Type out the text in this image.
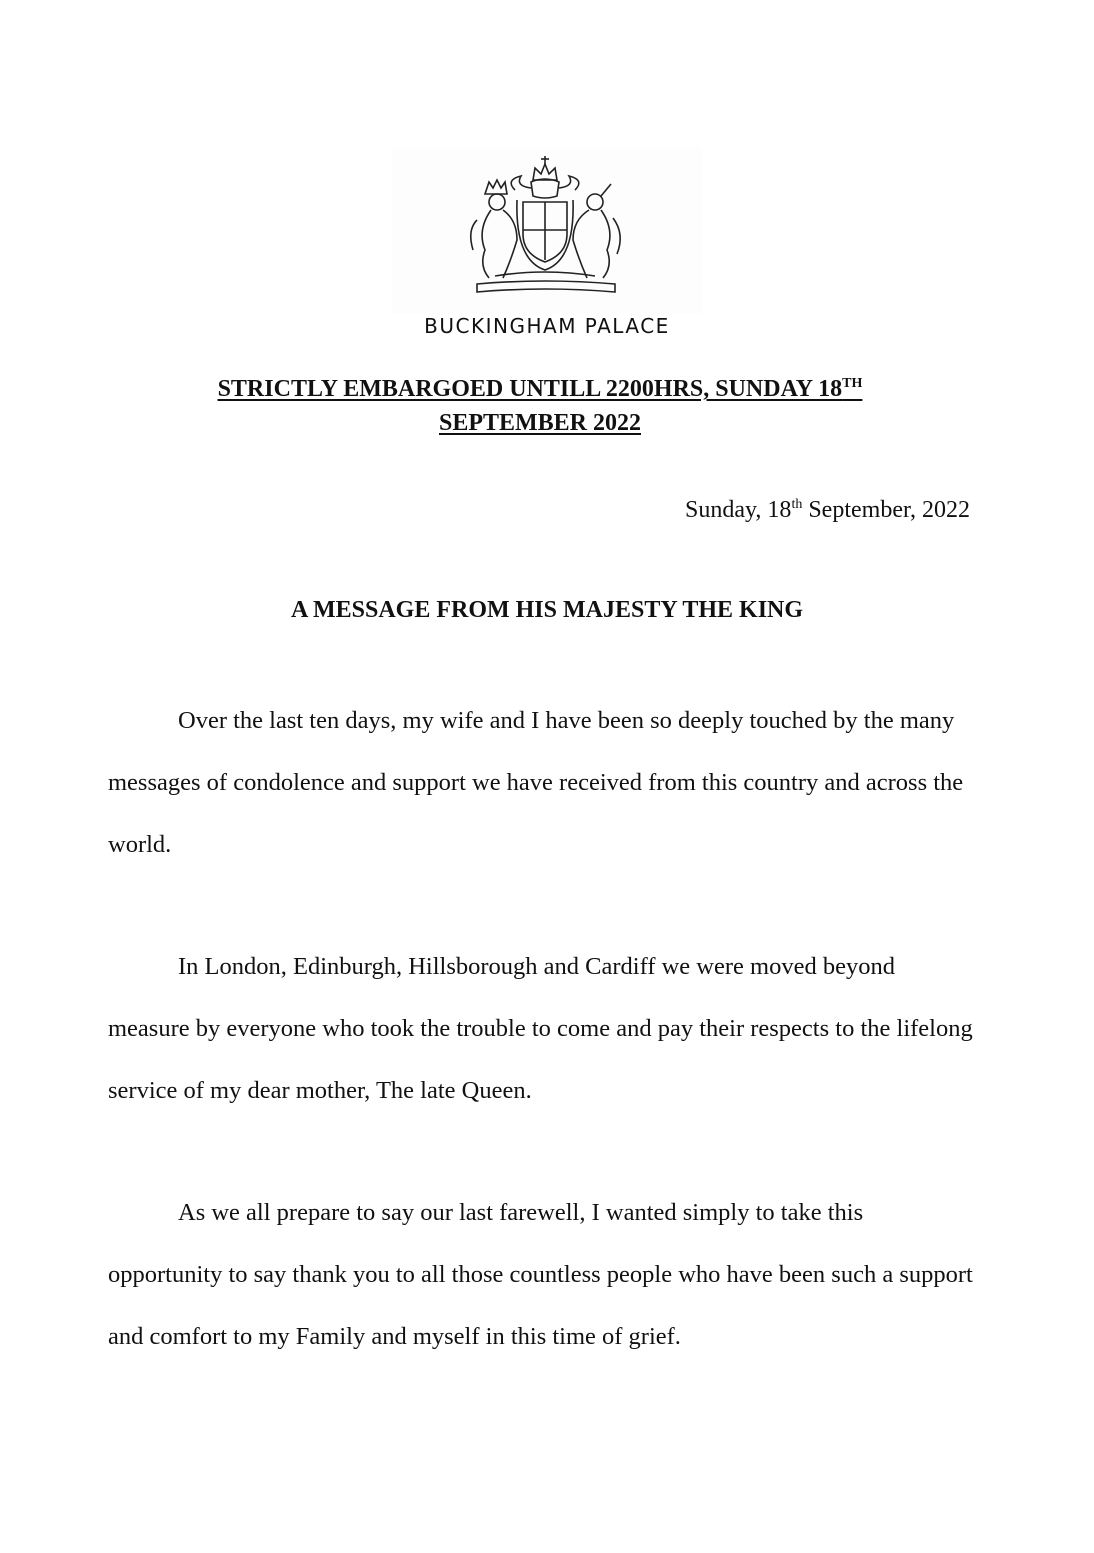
BUCKINGHAM PALACE
STRICTLY EMBARGOED UNTILL 2200HRS, SUNDAY 18TH
SEPTEMBER 2022
Sunday, 18th September, 2022
A MESSAGE FROM HIS MAJESTY THE KING

Over the last ten days, my wife and I have been so deeply touched by the many messages of condolence and support we have received from this country and across the world.

In London, Edinburgh, Hillsborough and Cardiff we were moved beyond measure by everyone who took the trouble to come and pay their respects to the lifelong service of my dear mother, The late Queen.

As we all prepare to say our last farewell, I wanted simply to take this opportunity to say thank you to all those countless people who have been such a support and comfort to my Family and myself in this time of grief.
